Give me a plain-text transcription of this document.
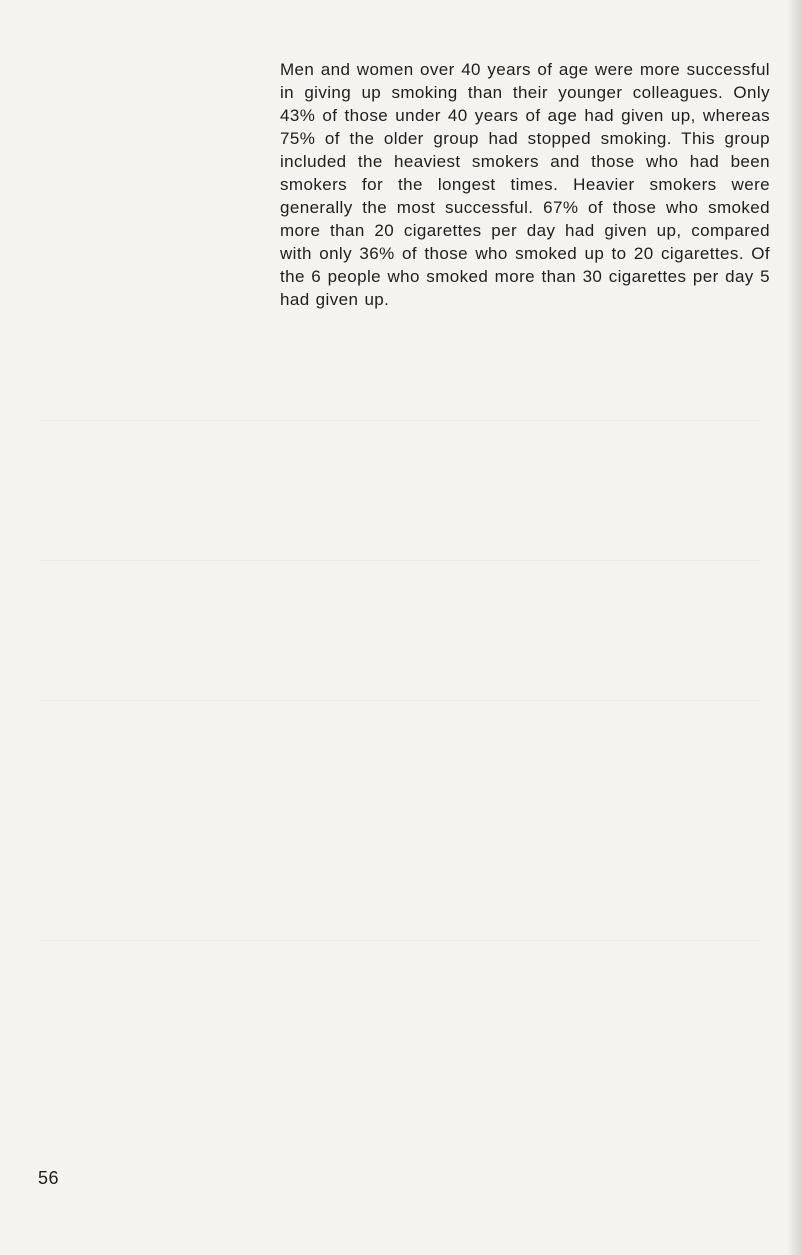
Men and women over 40 years of age were more successful in giving up smoking than their younger colleagues. Only 43% of those under 40 years of age had given up, whereas 75% of the older group had stopped smoking. This group included the heaviest smokers and those who had been smokers for the longest times. Heavier smokers were generally the most successful. 67% of those who smoked more than 20 cigarettes per day had given up, compared with only 36% of those who smoked up to 20 cigarettes. Of the 6 people who smoked more than 30 cigarettes per day 5 had given up.

56
